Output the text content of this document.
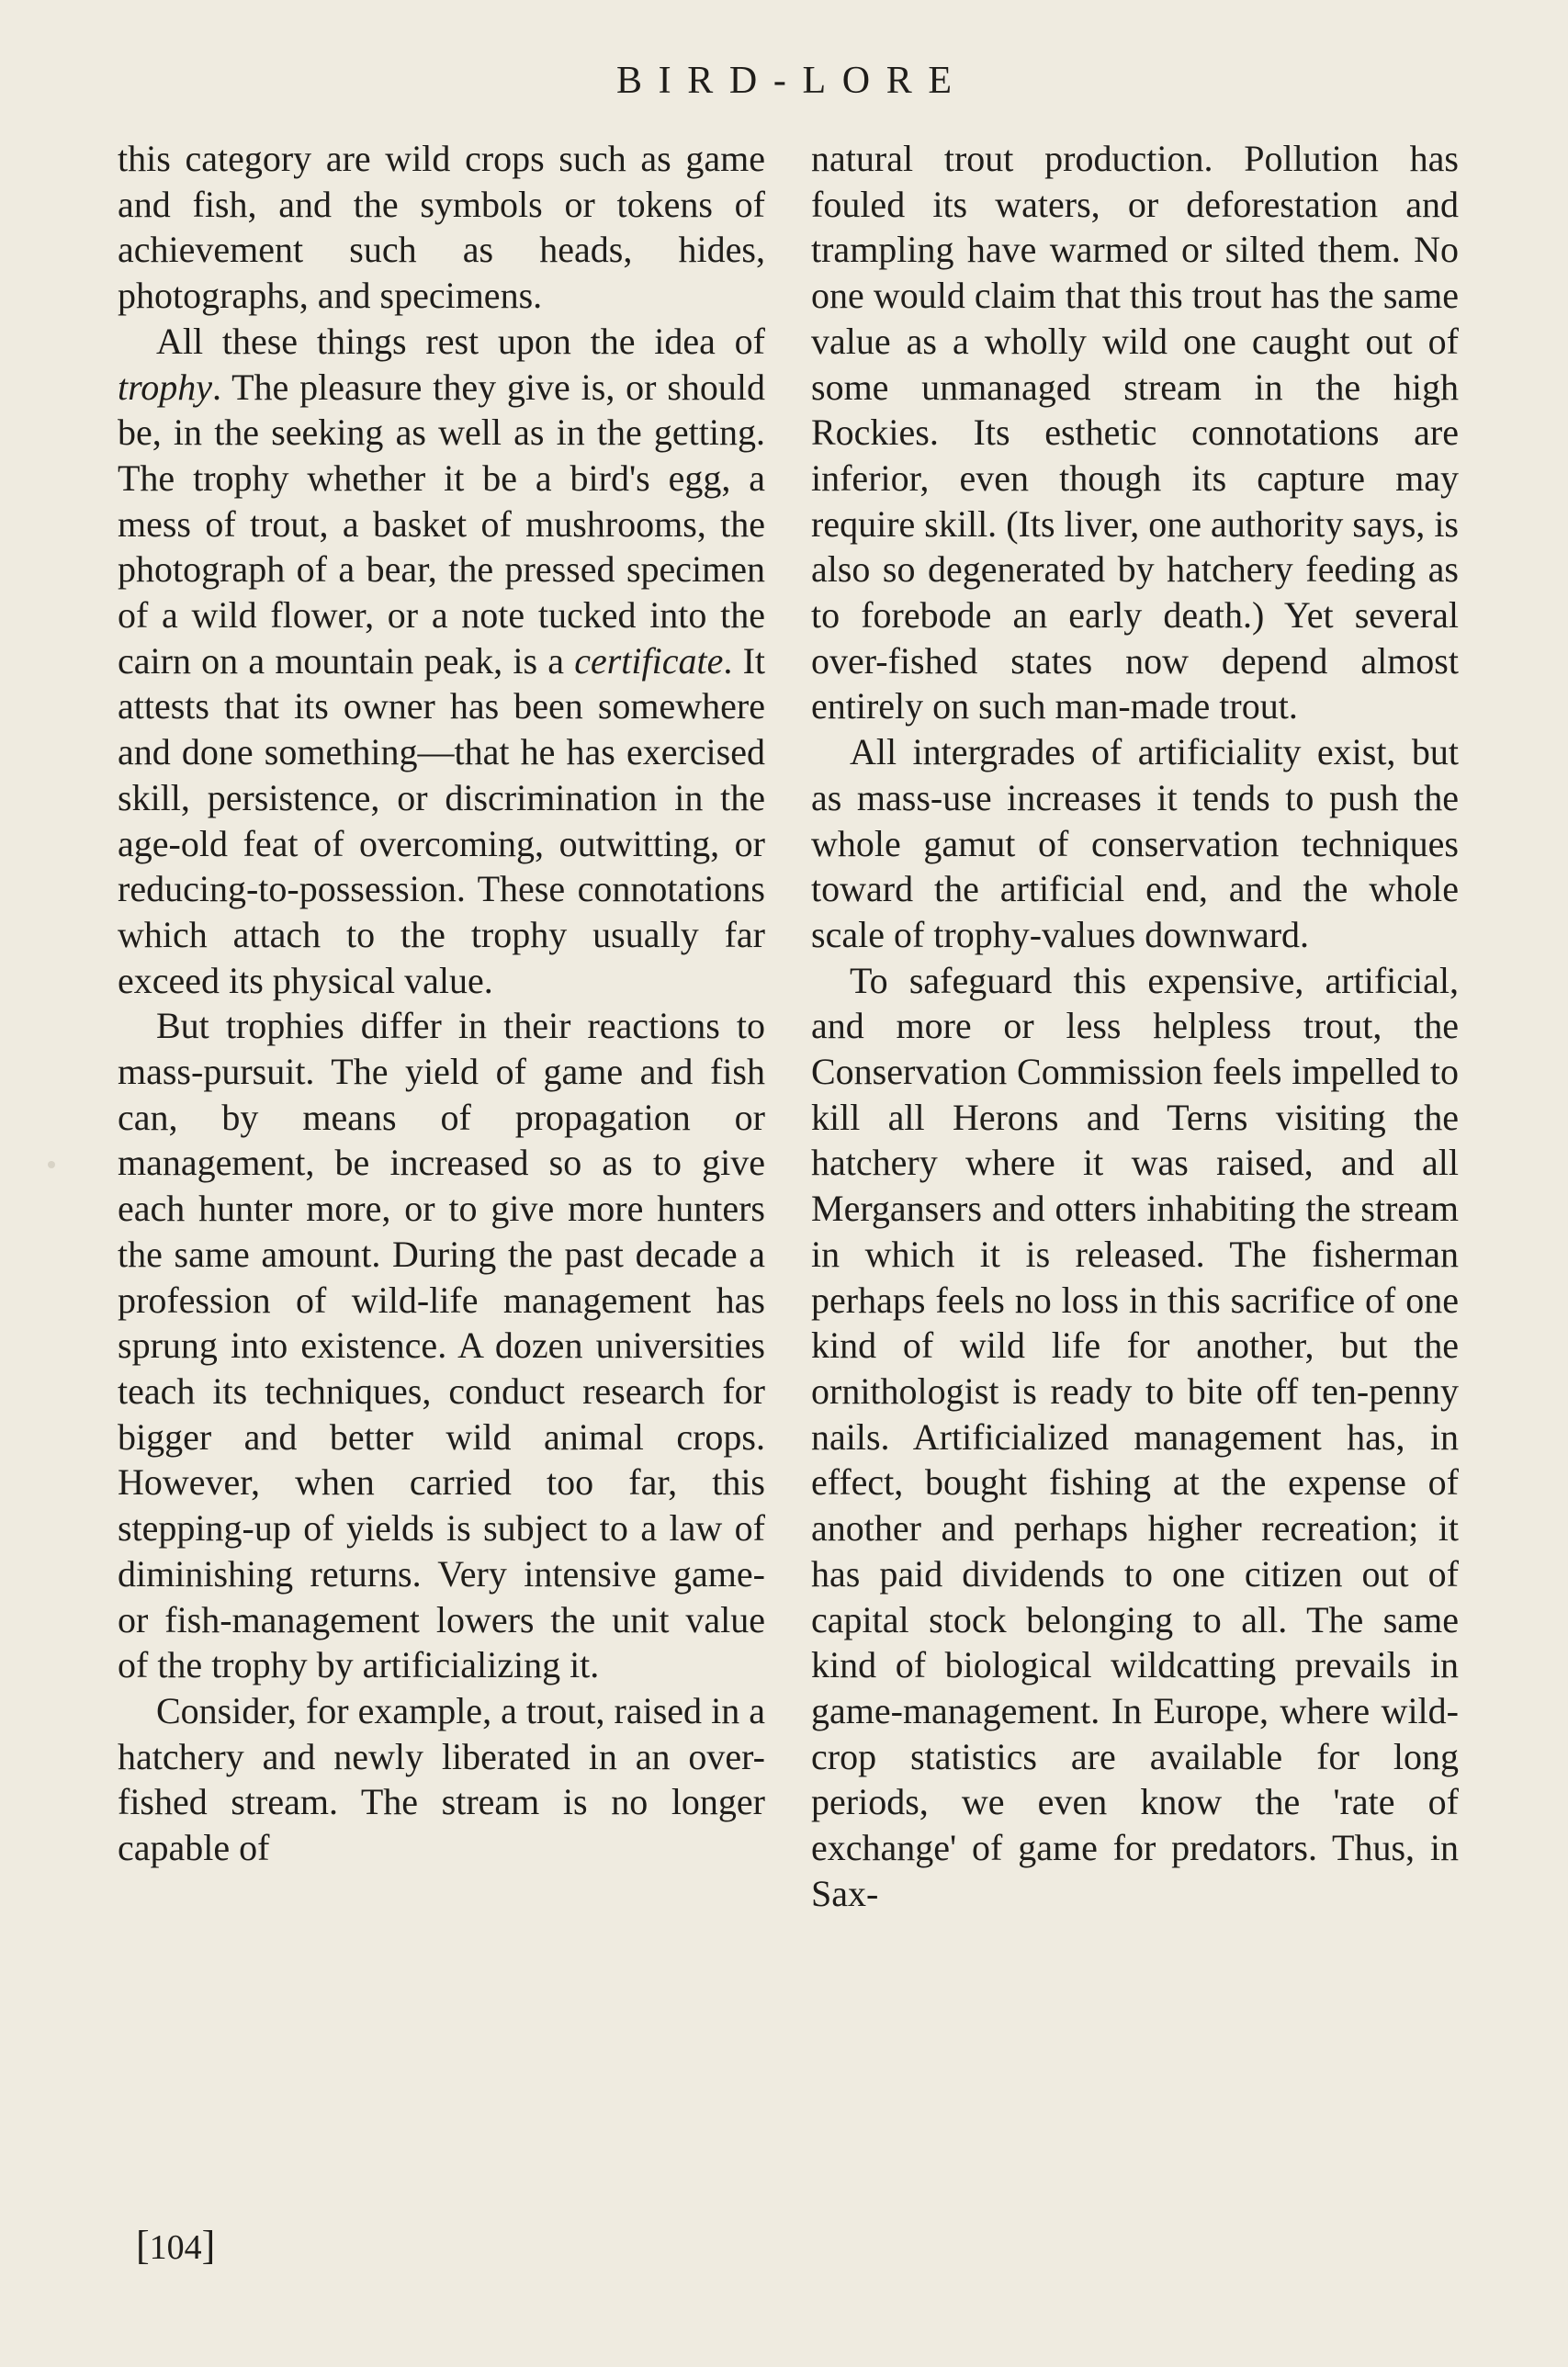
BIRD-LORE

this category are wild crops such as game and fish, and the symbols or tokens of achievement such as heads, hides, photographs, and specimens.

All these things rest upon the idea of trophy. The pleasure they give is, or should be, in the seeking as well as in the getting. The trophy whether it be a bird's egg, a mess of trout, a basket of mushrooms, the photograph of a bear, the pressed specimen of a wild flower, or a note tucked into the cairn on a mountain peak, is a certificate. It attests that its owner has been somewhere and done something—that he has exercised skill, persistence, or discrimination in the age-old feat of overcoming, outwitting, or reducing-to-possession. These connotations which attach to the trophy usually far exceed its physical value.

But trophies differ in their reactions to mass-pursuit. The yield of game and fish can, by means of propagation or management, be increased so as to give each hunter more, or to give more hunters the same amount. During the past decade a profession of wild-life management has sprung into existence. A dozen universities teach its techniques, conduct research for bigger and better wild animal crops. However, when carried too far, this stepping-up of yields is subject to a law of diminishing returns. Very intensive game- or fish-management lowers the unit value of the trophy by artificializing it.

Consider, for example, a trout, raised in a hatchery and newly liberated in an over-fished stream. The stream is no longer capable of

natural trout production. Pollution has fouled its waters, or deforestation and trampling have warmed or silted them. No one would claim that this trout has the same value as a wholly wild one caught out of some unmanaged stream in the high Rockies. Its esthetic connotations are inferior, even though its capture may require skill. (Its liver, one authority says, is also so degenerated by hatchery feeding as to forebode an early death.) Yet several over-fished states now depend almost entirely on such man-made trout.

All intergrades of artificiality exist, but as mass-use increases it tends to push the whole gamut of conservation techniques toward the artificial end, and the whole scale of trophy-values downward.

To safeguard this expensive, artificial, and more or less helpless trout, the Conservation Commission feels impelled to kill all Herons and Terns visiting the hatchery where it was raised, and all Mergansers and otters inhabiting the stream in which it is released. The fisherman perhaps feels no loss in this sacrifice of one kind of wild life for another, but the ornithologist is ready to bite off ten-penny nails. Artificialized management has, in effect, bought fishing at the expense of another and perhaps higher recreation; it has paid dividends to one citizen out of capital stock belonging to all. The same kind of biological wildcatting prevails in game-management. In Europe, where wild-crop statistics are available for long periods, we even know the 'rate of exchange' of game for predators. Thus, in Sax-

[104]
